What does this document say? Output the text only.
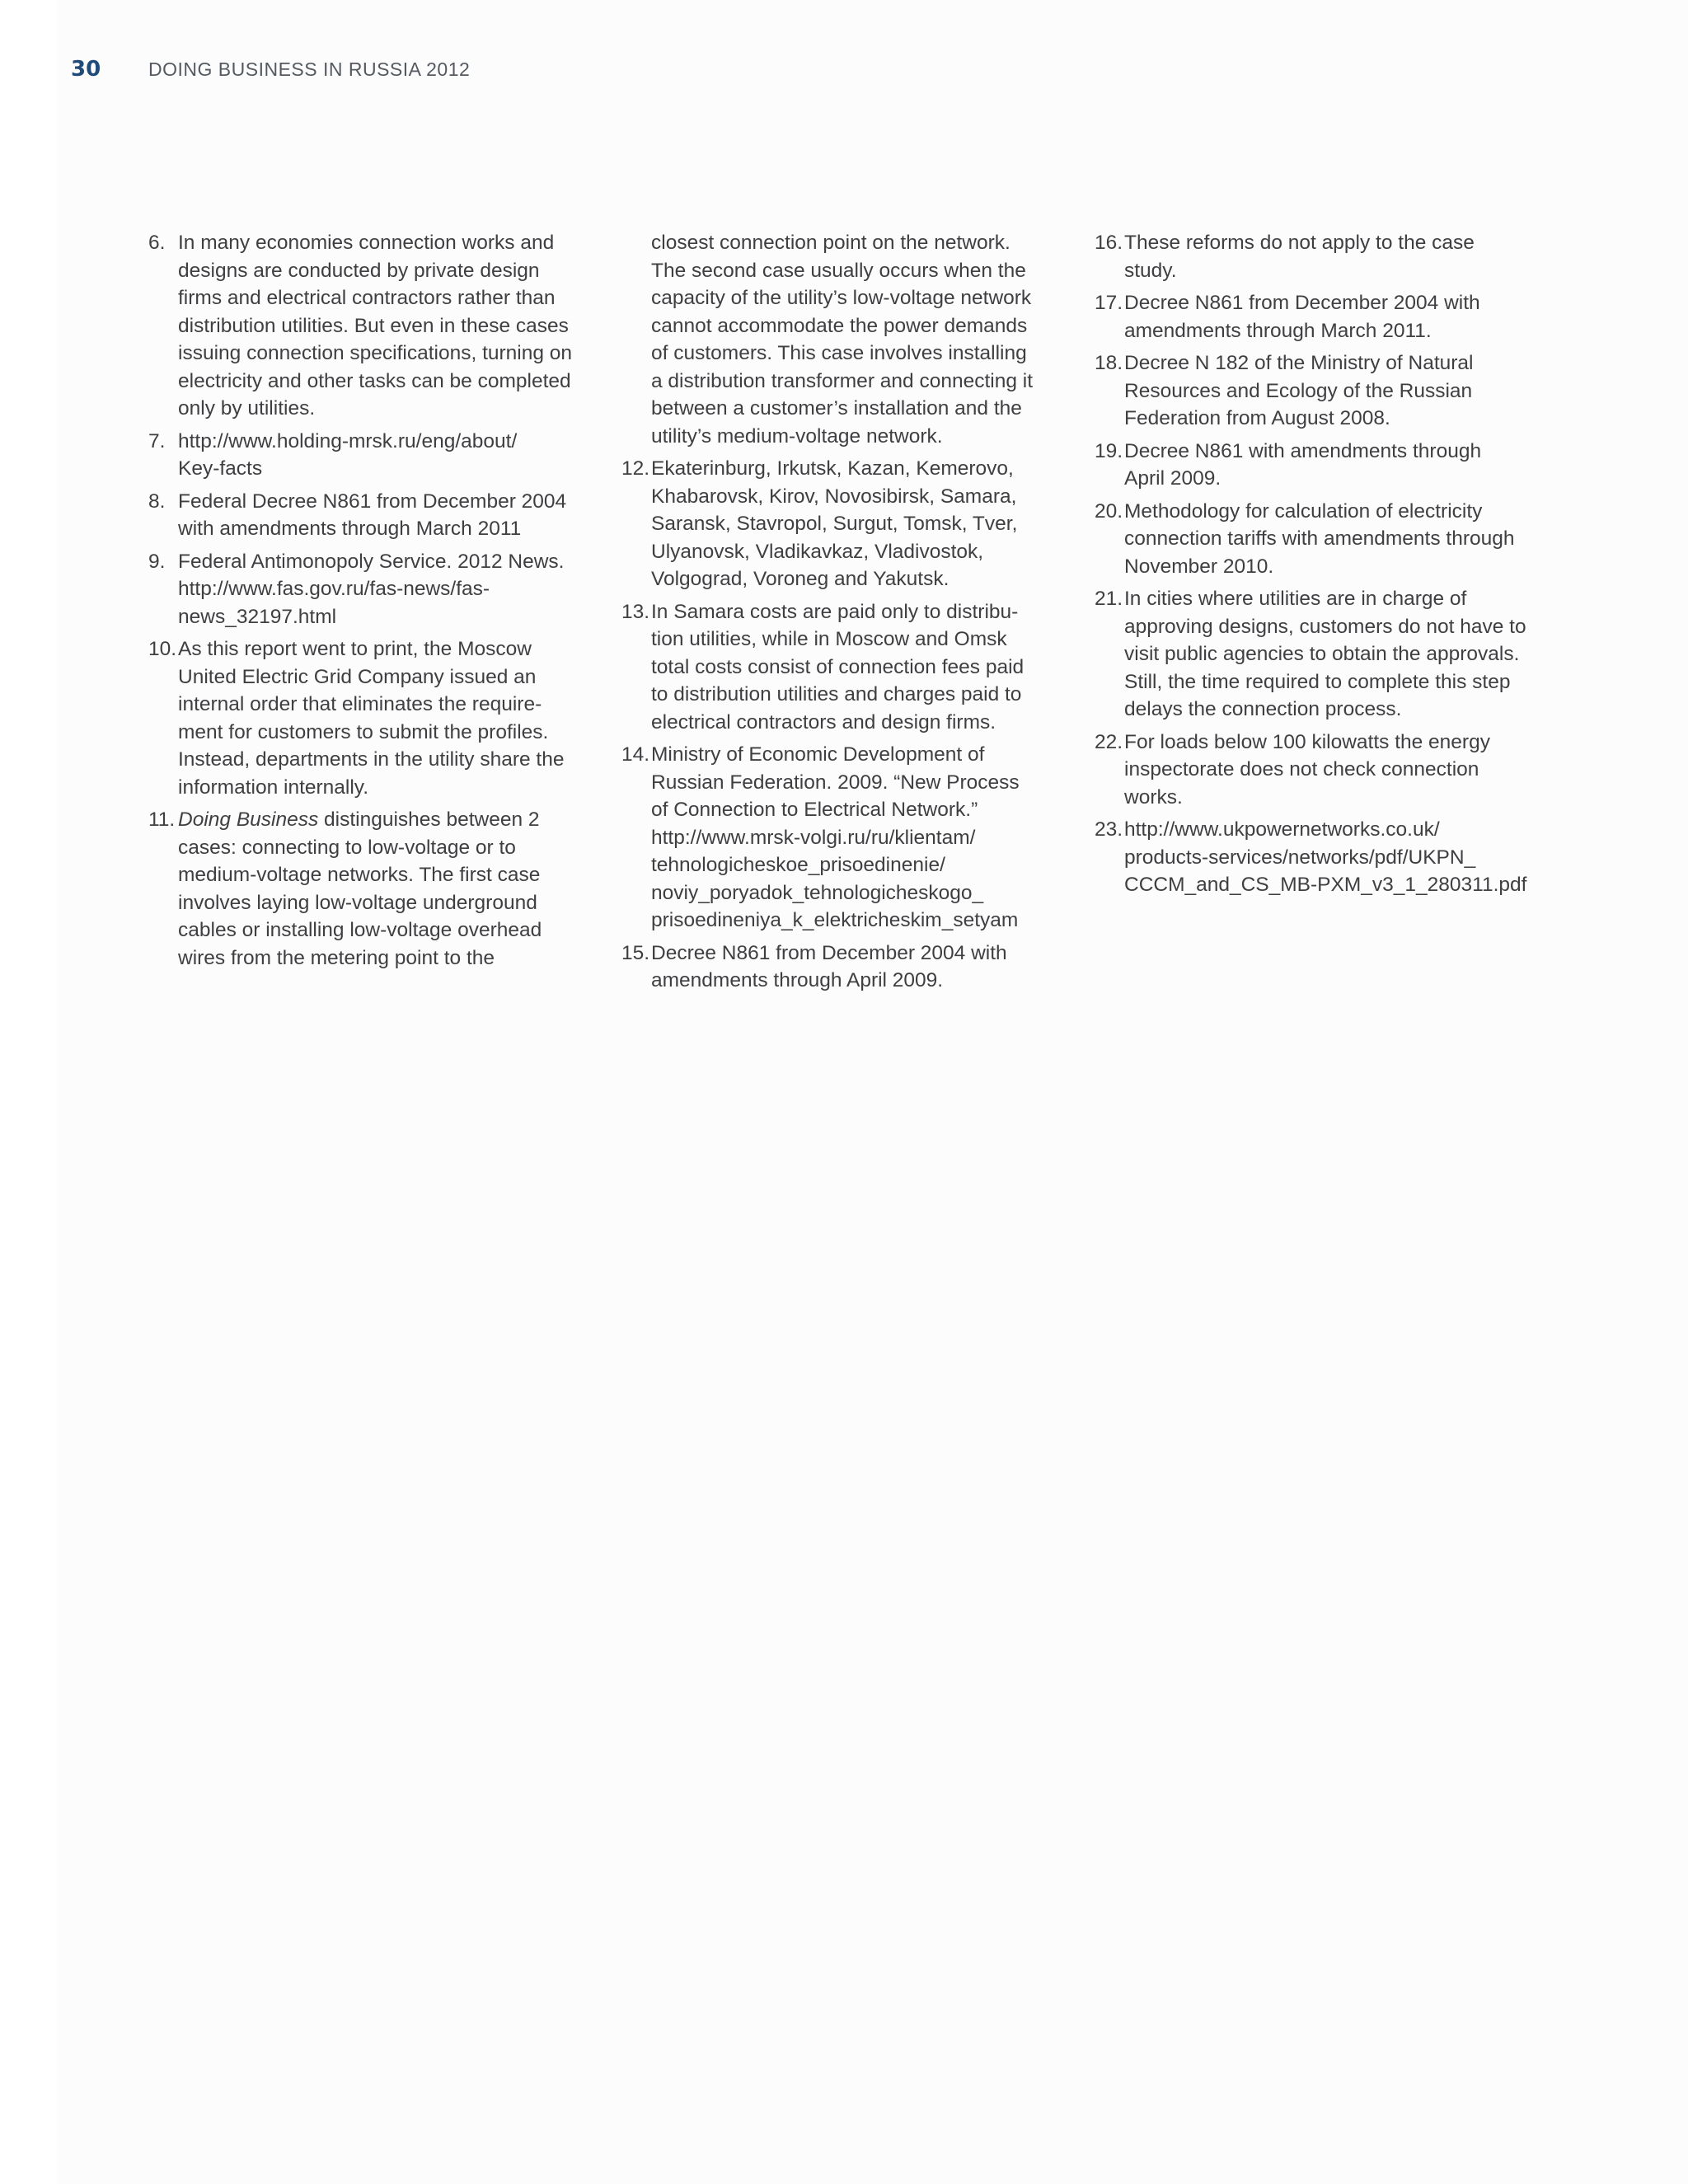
30	DOING BUSINESS IN RUSSIA 2012
6. In many economies connection works and
designs are conducted by private design
firms and electrical contractors rather than
distribution utilities. But even in these cases
issuing connection specifications, turning on
electricity and other tasks can be completed
only by utilities.
7. http://www.holding-mrsk.ru/eng/about/
Key-facts
8. Federal Decree N861 from December 2004
with amendments through March 2011
9. Federal Antimonopoly Service. 2012 News.
http://www.fas.gov.ru/fas-news/fas-
news_32197.html
10. As this report went to print, the Moscow
United Electric Grid Company issued an
internal order that eliminates the require-
ment for customers to submit the profiles.
Instead, departments in the utility share the
information internally.
11. Doing Business distinguishes between 2
cases: connecting to low-voltage or to
medium-voltage networks. The first case
involves laying low-voltage underground
cables or installing low-voltage overhead
wires from the metering point to the
closest connection point on the network.
The second case usually occurs when the
capacity of the utility’s low-voltage network
cannot accommodate the power demands
of customers. This case involves installing
a distribution transformer and connecting it
between a customer’s installation and the
utility’s medium-voltage network.
12. Ekaterinburg, Irkutsk, Kazan, Kemerovo,
Khabarovsk, Kirov, Novosibirsk, Samara,
Saransk, Stavropol, Surgut, Tomsk, Tver,
Ulyanovsk, Vladikavkaz, Vladivostok,
Volgograd, Voroneg and Yakutsk.
13. In Samara costs are paid only to distribu-
tion utilities, while in Moscow and Omsk
total costs consist of connection fees paid
to distribution utilities and charges paid to
electrical contractors and design firms.
14. Ministry of Economic Development of
Russian Federation. 2009. “New Process
of Connection to Electrical Network.”
http://www.mrsk-volgi.ru/ru/klientam/
tehnologicheskoe_prisoedinenie/
noviy_poryadok_tehnologicheskogo_
prisoedineniya_k_elektricheskim_setyam
15. Decree N861 from December 2004 with
amendments through April 2009.
16. These reforms do not apply to the case
study.
17. Decree N861 from December 2004 with
amendments through March 2011.
18. Decree N 182 of the Ministry of Natural
Resources and Ecology of the Russian
Federation from August 2008.
19. Decree N861 with amendments through
April 2009.
20. Methodology for calculation of electricity
connection tariffs with amendments through
November 2010.
21. In cities where utilities are in charge of
approving designs, customers do not have to
visit public agencies to obtain the approvals.
Still, the time required to complete this step
delays the connection process.
22. For loads below 100 kilowatts the energy
inspectorate does not check connection
works.
23. http://www.ukpowernetworks.co.uk/
products-services/networks/pdf/UKPN_
CCCM_and_CS_MB-PXM_v3_1_280311.pdf
